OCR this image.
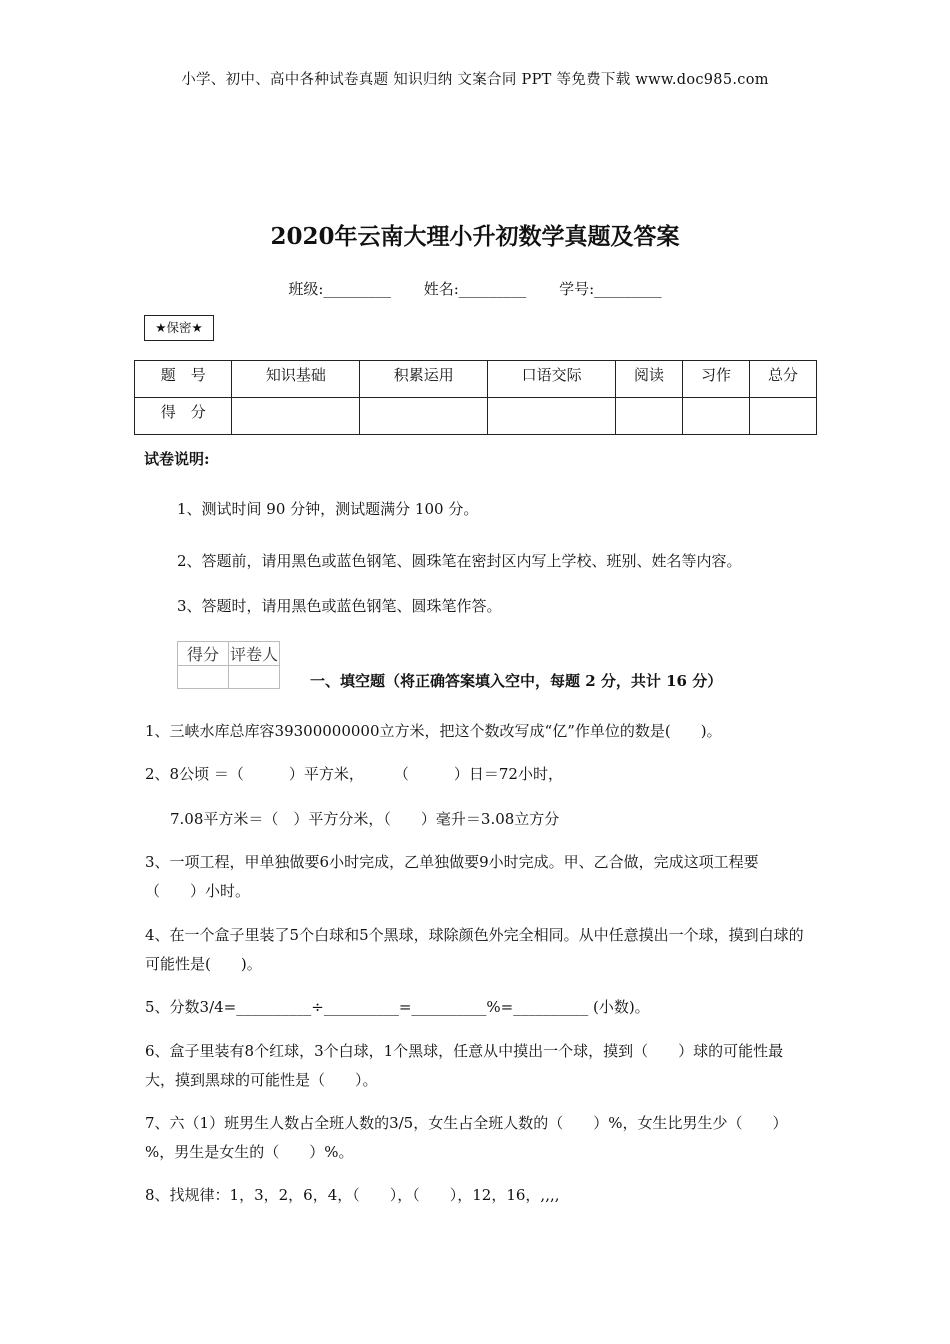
小学、初中、高中各种试卷真题 知识归纳 文案合同 PPT 等免费下载 www.doc985.com
2020年云南大理小升初数学真题及答案
班级:_________ 姓名:_________ 学号:_________
★保密★
题　号	知识基础	积累运用	口语交际	阅读	习作	总分
得　分						
试卷说明:
1、测试时间 90 分钟，测试题满分 100 分。
2、答题前，请用黑色或蓝色钢笔、圆珠笔在密封区内写上学校、班别、姓名等内容。
3、答题时，请用黑色或蓝色钢笔、圆珠笔作答。
得分	评卷人

一、填空题（将正确答案填入空中，每题 2 分，共计 16 分）
1、三峡水库总库容39300000000立方米，把这个数改写成“亿”作单位的数是(　　)。
2、8公顷 ＝（　　　）平方米，　　　（　　　）日＝72小时，
7.08平方米＝（　）平方分米，（　　）毫升＝3.08立方分
3、一项工程，甲单独做要6小时完成，乙单独做要9小时完成。甲、乙合做，完成这项工程要（　　）小时。
4、在一个盒子里装了5个白球和5个黑球，球除颜色外完全相同。从中任意摸出一个球，摸到白球的可能性是(　　)。
5、分数3/4=__________÷__________=__________%=__________ (小数)。
6、盒子里装有8个红球，3个白球，1个黑球，任意从中摸出一个球，摸到（　　）球的可能性最大，摸到黑球的可能性是（　　）。
7、六（1）班男生人数占全班人数的3/5，女生占全班人数的（　　）%，女生比男生少（　　）%，男生是女生的（　　）%。
8、找规律：1，3，2，6，4，（　　），（　　），12，16，,,,,
